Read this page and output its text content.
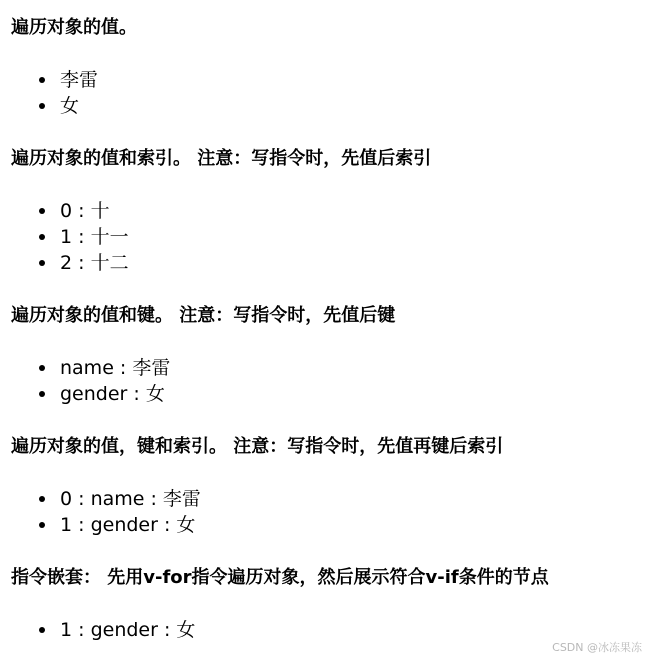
遍历对象的值。
李雷
女
遍历对象的值和索引。 注意：写指令时，先值后索引
0 : 十
1 : 十一
2 : 十二
遍历对象的值和键。 注意：写指令时，先值后键
name : 李雷
gender : 女
遍历对象的值，键和索引。 注意：写指令时，先值再键后索引
0 : name : 李雷
1 : gender : 女
指令嵌套： 先用v-for指令遍历对象，然后展示符合v-if条件的节点
1 : gender : 女
CSDN @冰冻果冻
